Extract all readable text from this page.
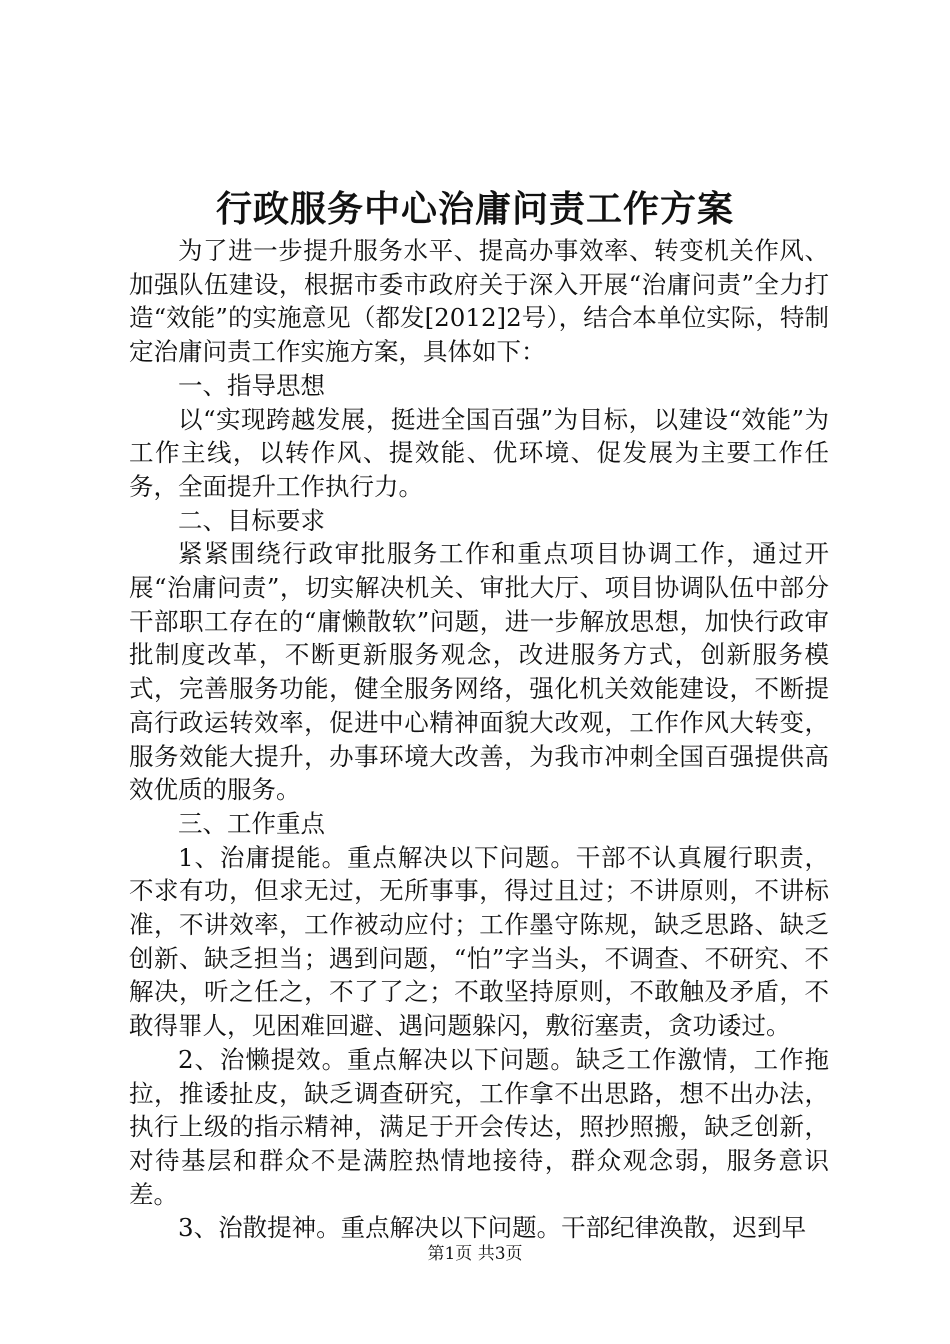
行政服务中心治庸问责工作方案

为了进一步提升服务水平、提高办事效率、转变机关作风、加强队伍建设，根据市委市政府关于深入开展“治庸问责”全力打造“效能”的实施意见（都发[2012]2号），结合本单位实际，特制定治庸问责工作实施方案，具体如下：

一、指导思想

以“实现跨越发展，挺进全国百强”为目标，以建设“效能”为工作主线，以转作风、提效能、优环境、促发展为主要工作任务，全面提升工作执行力。

二、目标要求

紧紧围绕行政审批服务工作和重点项目协调工作，通过开展“治庸问责”，切实解决机关、审批大厅、项目协调队伍中部分干部职工存在的“庸懒散软”问题，进一步解放思想，加快行政审批制度改革，不断更新服务观念，改进服务方式，创新服务模式，完善服务功能，健全服务网络，强化机关效能建设，不断提高行政运转效率，促进中心精神面貌大改观，工作作风大转变，服务效能大提升，办事环境大改善，为我市冲刺全国百强提供高效优质的服务。

三、工作重点

1、治庸提能。重点解决以下问题。干部不认真履行职责，不求有功，但求无过，无所事事，得过且过；不讲原则，不讲标准，不讲效率，工作被动应付；工作墨守陈规，缺乏思路、缺乏创新、缺乏担当；遇到问题，“怕”字当头，不调查、不研究、不解决，听之任之，不了了之；不敢坚持原则，不敢触及矛盾，不敢得罪人，见困难回避、遇问题躲闪，敷衍塞责，贪功诿过。

2、治懒提效。重点解决以下问题。缺乏工作激情，工作拖拉，推诿扯皮，缺乏调查研究，工作拿不出思路，想不出办法，执行上级的指示精神，满足于开会传达，照抄照搬，缺乏创新，对待基层和群众不是满腔热情地接待，群众观念弱，服务意识差。

3、治散提神。重点解决以下问题。干部纪律涣散，迟到早

第1页 共3页
